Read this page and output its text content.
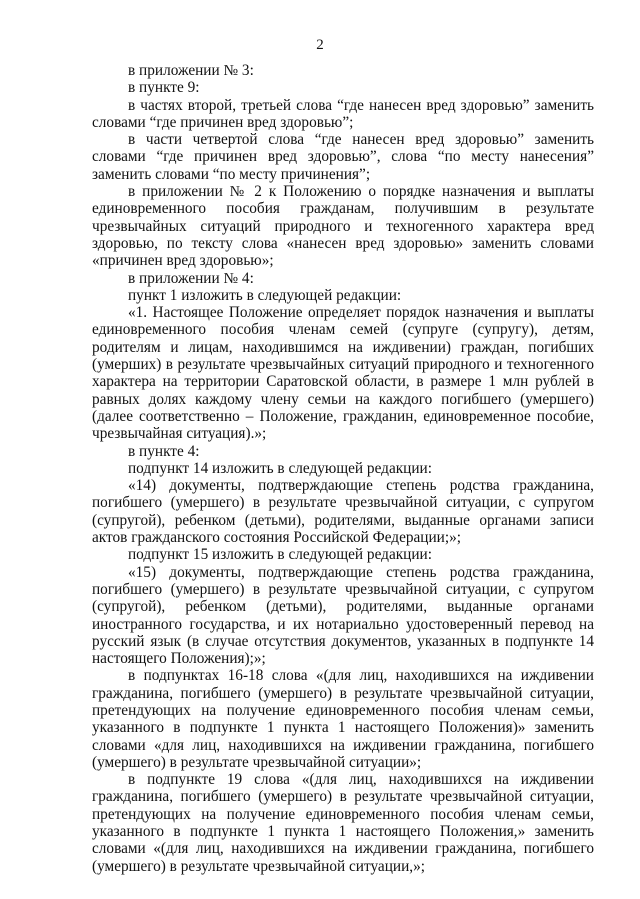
2

в приложении № 3:

в пункте 9:

в частях второй, третьей слова “где нанесен вред здоровью” заменить словами “где причинен вред здоровью”;

в части четвертой слова “где нанесен вред здоровью” заменить словами “где причинен вред здоровью”, слова “по месту нанесения” заменить словами “по месту причинения”;

в приложении № 2 к Положению о порядке назначения и выплаты единовременного пособия гражданам, получившим в результате чрезвычайных ситуаций природного и техногенного характера вред здоровью, по тексту слова «нанесен вред здоровью» заменить словами «причинен вред здоровью»;

в приложении № 4:

пункт 1 изложить в следующей редакции:

«1. Настоящее Положение определяет порядок назначения и выплаты единовременного пособия членам семей (супруге (супругу), детям, родителям и лицам, находившимся на иждивении) граждан, погибших (умерших) в результате чрезвычайных ситуаций природного и техногенного характера на территории Саратовской области, в размере 1 млн рублей в равных долях каждому члену семьи на каждого погибшего (умершего) (далее соответственно – Положение, гражданин, единовременное пособие, чрезвычайная ситуация).»;

в пункте 4:

подпункт 14 изложить в следующей редакции:

«14) документы, подтверждающие степень родства гражданина, погибшего (умершего) в результате чрезвычайной ситуации, с супругом (супругой), ребенком (детьми), родителями, выданные органами записи актов гражданского состояния Российской Федерации;»;

подпункт 15 изложить в следующей редакции:

«15) документы, подтверждающие степень родства гражданина, погибшего (умершего) в результате чрезвычайной ситуации, с супругом (супругой), ребенком (детьми), родителями, выданные органами иностранного государства, и их нотариально удостоверенный перевод на русский язык (в случае отсутствия документов, указанных в подпункте 14 настоящего Положения);»;

в подпунктах 16-18 слова «(для лиц, находившихся на иждивении гражданина, погибшего (умершего) в результате чрезвычайной ситуации, претендующих на получение единовременного пособия членам семьи, указанного в подпункте 1 пункта 1 настоящего Положения)» заменить словами «для лиц, находившихся на иждивении гражданина, погибшего (умершего) в результате чрезвычайной ситуации»;

в подпункте 19 слова «(для лиц, находившихся на иждивении гражданина, погибшего (умершего) в результате чрезвычайной ситуации, претендующих на получение единовременного пособия членам семьи, указанного в подпункте 1 пункта 1 настоящего Положения,» заменить словами «(для лиц, находившихся на иждивении гражданина, погибшего (умершего) в результате чрезвычайной ситуации,»;
